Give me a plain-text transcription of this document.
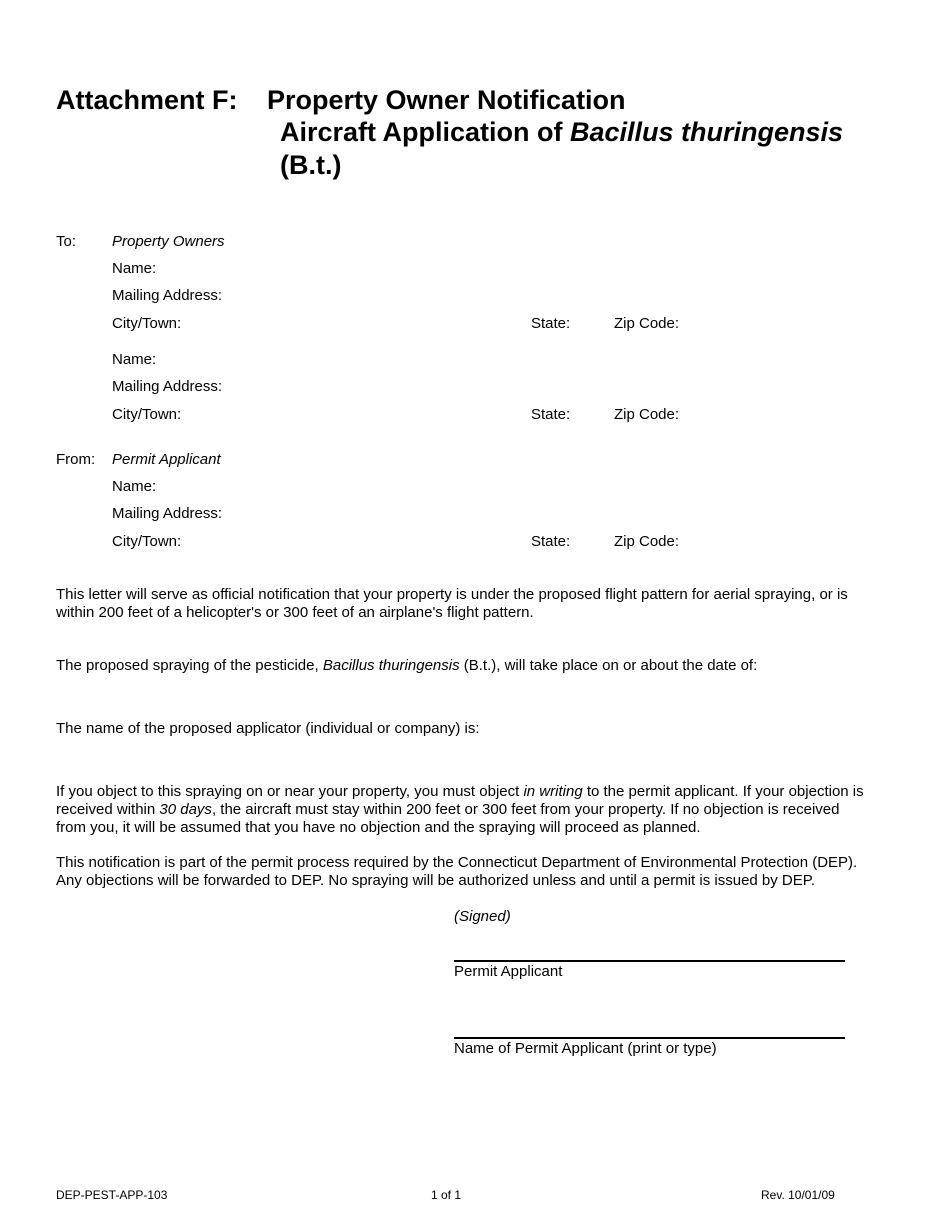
Attachment F: Property Owner Notification
Aircraft Application of Bacillus thuringensis
(B.t.)
To: Property Owners
Name:
Mailing Address:
City/Town:	State:	Zip Code:
Name:
Mailing Address:
City/Town:	State:	Zip Code:
From: Permit Applicant
Name:
Mailing Address:
City/Town:	State:	Zip Code:
This letter will serve as official notification that your property is under the proposed flight pattern for aerial spraying, or is
within 200 feet of a helicopter's or 300 feet of an airplane's flight pattern.
The proposed spraying of the pesticide, Bacillus thuringensis (B.t.), will take place on or about the date of:
The name of the proposed applicator (individual or company) is:
If you object to this spraying on or near your property, you must object in writing to the permit applicant. If your objection is
received within 30 days, the aircraft must stay within 200 feet or 300 feet from your property. If no objection is received
from you, it will be assumed that you have no objection and the spraying will proceed as planned.
This notification is part of the permit process required by the Connecticut Department of Environmental Protection (DEP).
Any objections will be forwarded to DEP. No spraying will be authorized unless and until a permit is issued by DEP.
(Signed)
Permit Applicant
Name of Permit Applicant (print or type)
DEP-PEST-APP-103	1 of 1	Rev. 10/01/09
